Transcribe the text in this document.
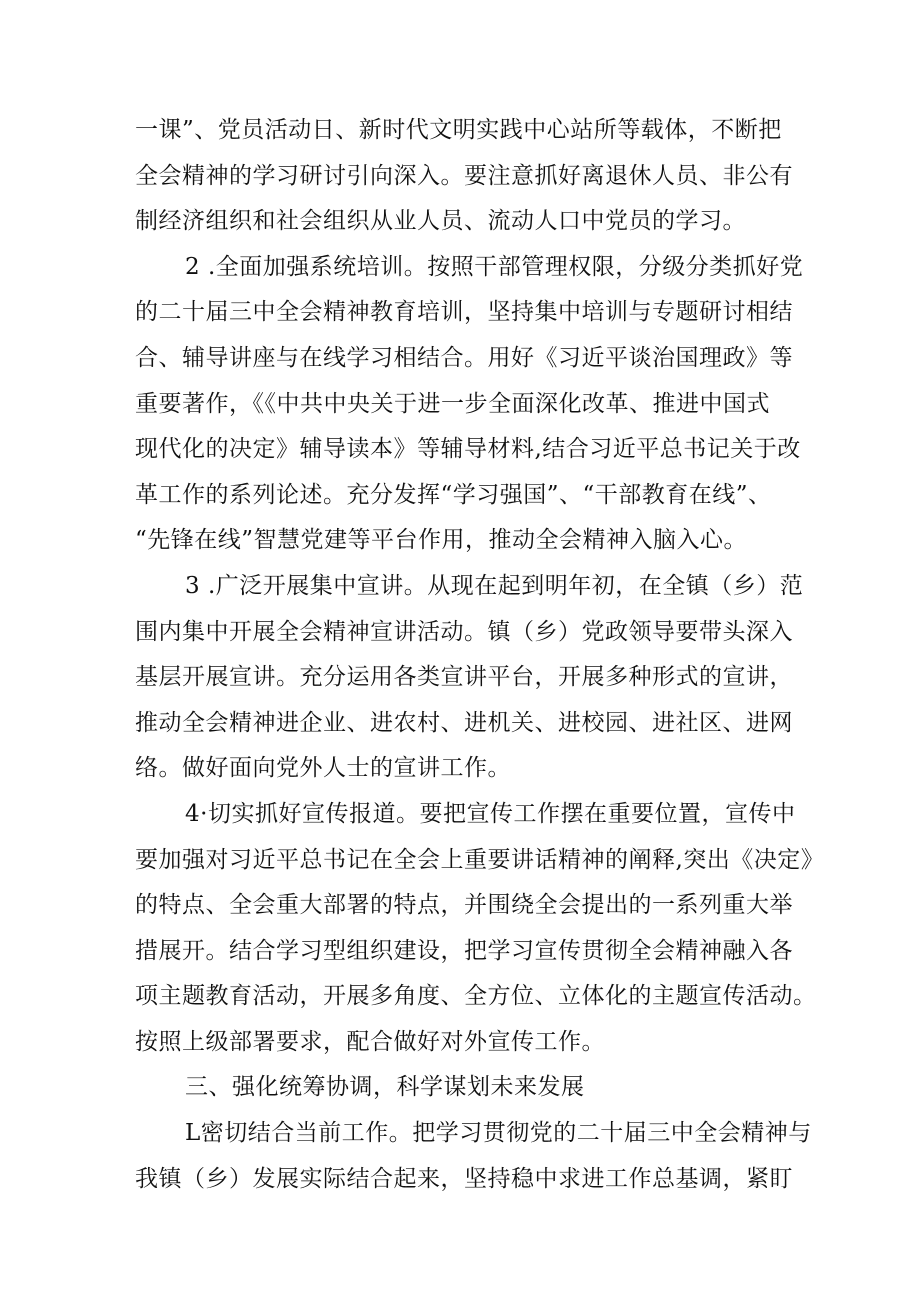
一课”、党员活动日、新时代文明实践中心站所等载体，不断把
全会精神的学习研讨引向深入。要注意抓好离退休人员、非公有
制经济组织和社会组织从业人员、流动人口中党员的学习。
2 .全面加强系统培训。按照干部管理权限，分级分类抓好党
的二十届三中全会精神教育培训，坚持集中培训与专题研讨相结
合、辅导讲座与在线学习相结合。用好《习近平谈治国理政》等
重要著作，《《中共中央关于进一步全面深化改革、推进中国式
现代化的决定》辅导读本》等辅导材料,结合习近平总书记关于改
革工作的系列论述。充分发挥“学习强国”、“干部教育在线”、
“先锋在线”智慧党建等平台作用，推动全会精神入脑入心。
3 .广泛开展集中宣讲。从现在起到明年初，在全镇（乡）范
围内集中开展全会精神宣讲活动。镇（乡）党政领导要带头深入
基层开展宣讲。充分运用各类宣讲平台，开展多种形式的宣讲，
推动全会精神进企业、进农村、进机关、进校园、进社区、进网
络。做好面向党外人士的宣讲工作。
4·切实抓好宣传报道。要把宣传工作摆在重要位置，宣传中
要加强对习近平总书记在全会上重要讲话精神的阐释,突出《决定》
的特点、全会重大部署的特点，并围绕全会提出的一系列重大举
措展开。结合学习型组织建设，把学习宣传贯彻全会精神融入各
项主题教育活动，开展多角度、全方位、立体化的主题宣传活动。
按照上级部署要求，配合做好对外宣传工作。
三、强化统筹协调，科学谋划未来发展
L密切结合当前工作。把学习贯彻党的二十届三中全会精神与
我镇（乡）发展实际结合起来，坚持稳中求进工作总基调，紧盯
